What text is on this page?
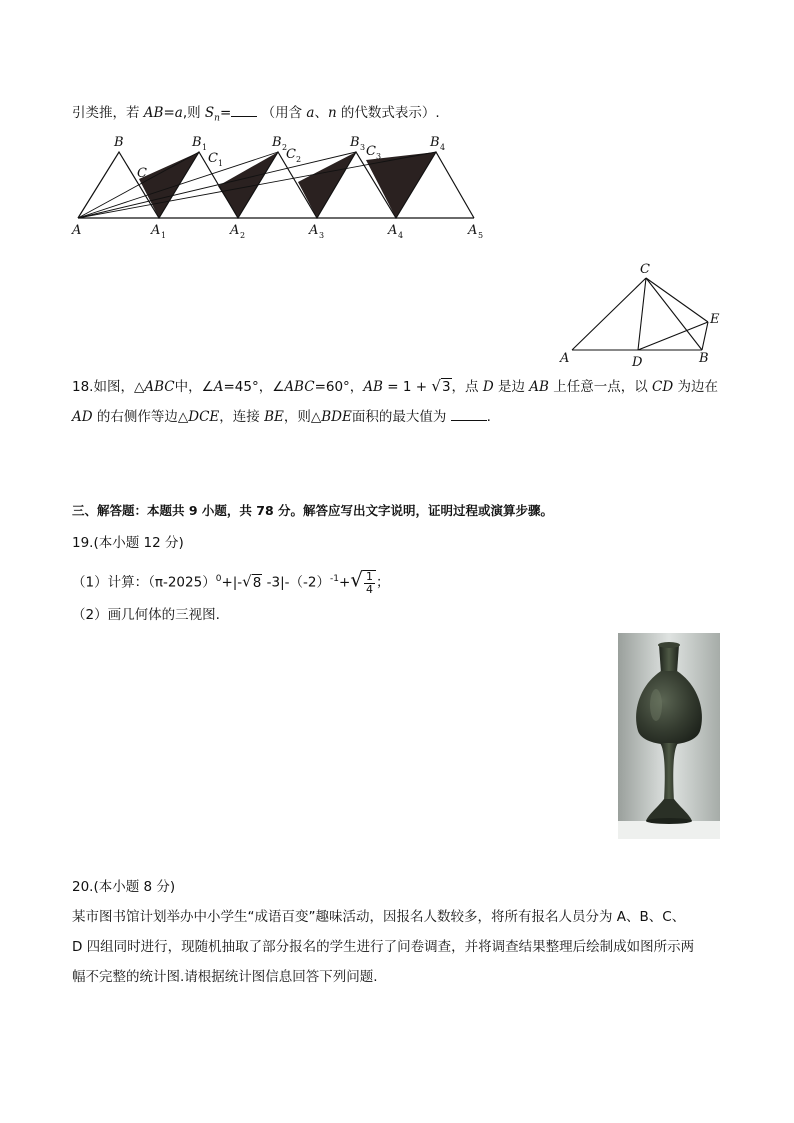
引类推，若 AB=a,则 $S_n=$ （用含 a、n 的代数式表示）.
B	B 1	B 2	B 3	B 4
C
C 1
C 2
C 3
A	A 1	A 2	A 3	A 4	A 5
C
E
A	D	B
18.如图，△ABC中，∠A=45°，∠ABC=60°，AB = 1 + √3，点 D 是边 AB 上任意一点，以 CD 为边在
AD 的右侧作等边△DCE，连接 BE，则△BDE面积的最大值为	.
三、解答题：本题共 9 小题，共 78 分。解答应写出文字说明，证明过程或演算步骤。
19.(本小题 12 分)
（1）计算：$(\pi-2025)^0+|-√8$ $-3|-(-2)^{-1}+√ \frac{1}{4}$ ；
（2）画几何体的三视图.
20.(本小题 8 分)
某市图书馆计划举办中小学生“成语百变”趣味活动，因报名人数较多，将所有报名人员分为 A、B、C、
D 四组同时进行，现随机抽取了部分报名的学生进行了问卷调查，并将调查结果整理后绘制成如图所示两
幅不完整的统计图.请根据统计图信息回答下列问题.
